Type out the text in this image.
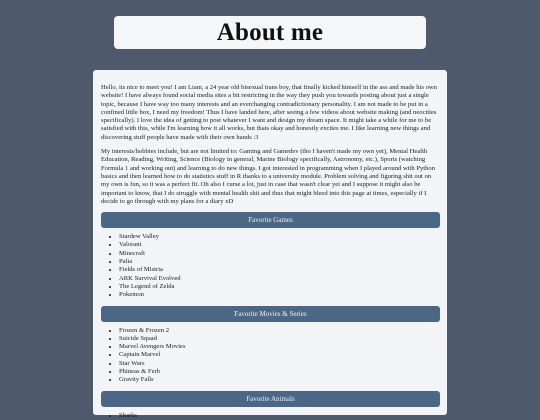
About me

Hello, its nice to meet you! I am Liam, a 24 year old bisexual trans boy, that finally kicked himself in the ass and made his own website! I have always found social media sites a bit restricting in the way they push you towards posting about just a single topic, because I have way too many interests and an everchanging contradictionary personality. I am not made to be put in a confined little box, I need my freedom! Thus I have landed here, after seeing a few videos about website making (and neocities specifically). I love the idea of getting to post whatever I want and design my dream space. It might take a while for me to be satisfied with this, while I'm learning how it all works, but thats okay and honestly excites me. I like learning new things and discovering stuff people have made with their own hands :3

My interests/hobbies include, but are not limited to: Gaming and Gamedev (tho I haven't made my own yet), Mental Health Education, Reading, Writing, Science (Biology in general, Marine Biology specifically, Astronomy, etc.), Sports (watching Formula 1 and working out) and learning to do new things. I got interested in programming when I played around with Python basics and then learned how to do statistics stuff in R thanks to a university module. Problem solving and figuring shit out on my own is fun, so it was a perfect fit. Oh also I curse a lot, just in case that wasn't clear yet and I suppose it might also be important to know, that I do struggle with mental health shit and thus that might bleed into this page at times, especially if I decide to go through with my plans for a diary xD

Favorite Games
• Stardew Valley
• Valorant
• Minecraft
• Palia
• Fields of Mistria
• ARK Survival Evolved
• The Legend of Zelda
• Pokemon
Favorite Movies & Series
• Frozen & Frozen 2
• Suicide Squad
• Marvel Avengers Movies
• Captain Marvel
• Star Wars
• Phineas & Ferb
• Gravity Falls
Favorite Animals
• Sharks
